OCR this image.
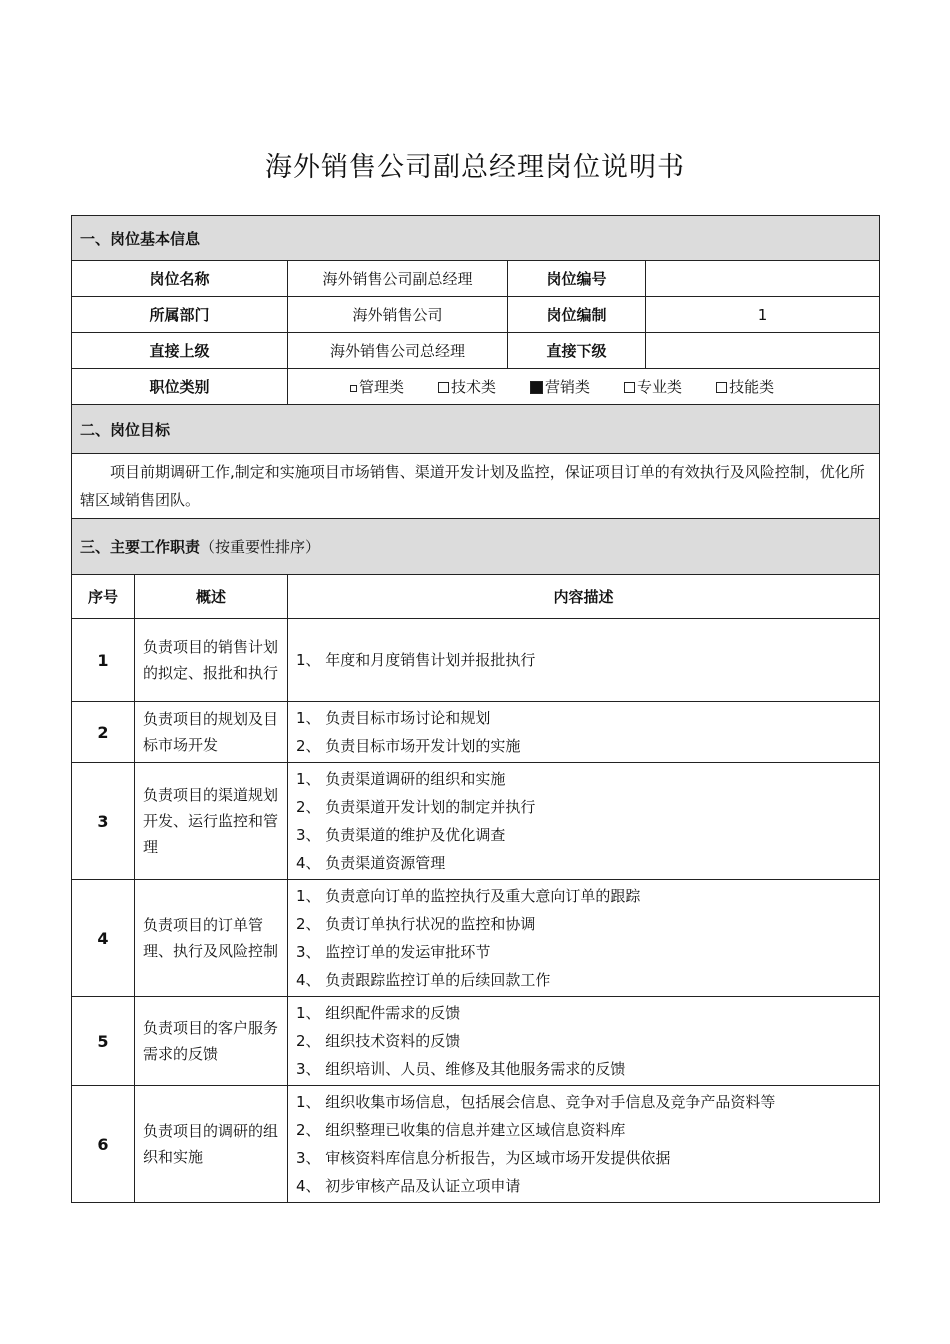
海外销售公司副总经理岗位说明书
一、岗位基本信息				
岗位名称		海外销售公司副总经理	岗位编号	
所属部门		海外销售公司	岗位编制	1
直接上级		海外销售公司总经理	直接下级	
职位类别		管理类 技术类 营销类 专业类 技能类		
二、岗位目标				
项目前期调研工作,制定和实施项目市场销售、渠道开发计划及监控，保证项目订单的有效执行及风险控制，优化所辖区域销售团队。				
三、主要工作职责（按重要性排序）				
序号	概述	内容描述		
1	负责项目的销售计划的拟定、报批和执行	1、 年度和月度销售计划并报批执行		

2	负责项目的规划及目标市场开发	1、 负责目标市场讨论和规划
2、 负责目标市场开发计划的实施		

3	负责项目的渠道规划开发、运行监控和管理	1、 负责渠道调研的组织和实施
2、 负责渠道开发计划的制定并执行
3、 负责渠道的维护及优化调查
4、 负责渠道资源管理		

4	负责项目的订单管理、执行及风险控制	1、 负责意向订单的监控执行及重大意向订单的跟踪
2、 负责订单执行状况的监控和协调
3、 监控订单的发运审批环节
4、 负责跟踪监控订单的后续回款工作		

5	负责项目的客户服务需求的反馈	1、 组织配件需求的反馈
2、 组织技术资料的反馈
3、 组织培训、人员、维修及其他服务需求的反馈		

6	负责项目的调研的组织和实施	1、 组织收集市场信息，包括展会信息、竞争对手信息及竞争产品资料等
2、 组织整理已收集的信息并建立区域信息资料库
3、 审核资料库信息分析报告，为区域市场开发提供依据
4、 初步审核产品及认证立项申请		
